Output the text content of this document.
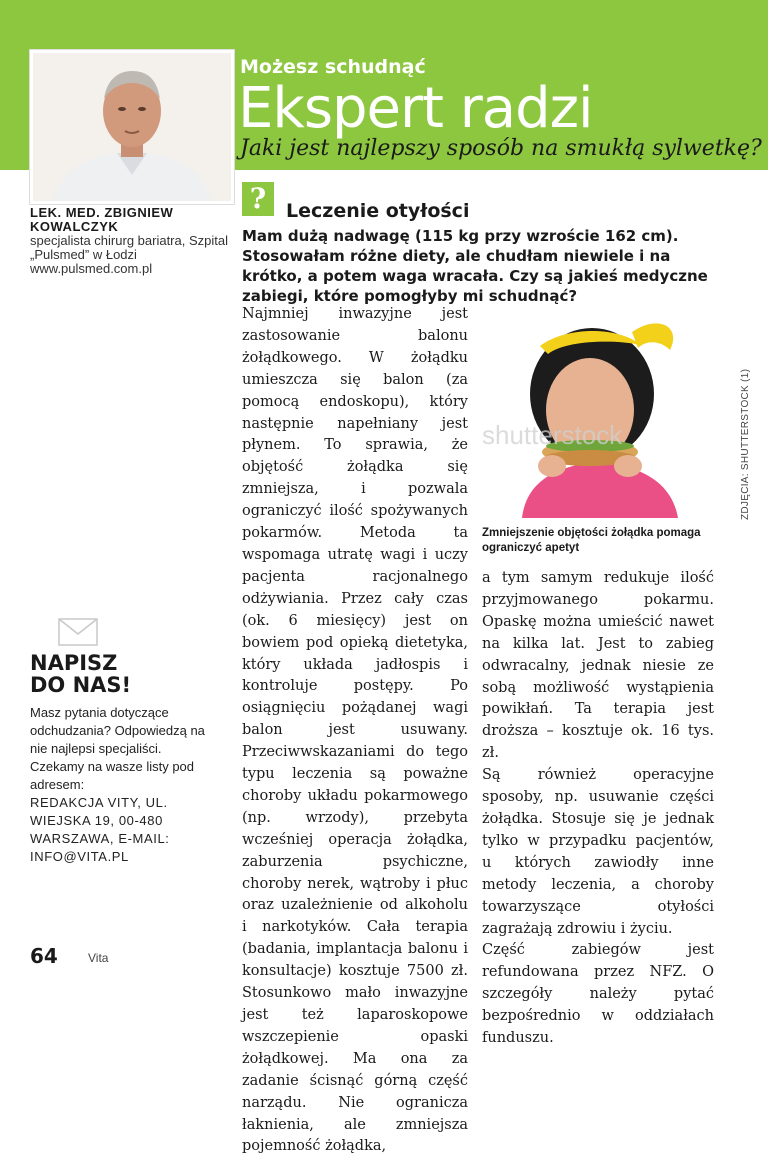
Możesz schudnąć
Ekspert radzi
Jaki jest najlepszy sposób na smukłą sylwetkę?
LEK. MED. ZBIGNIEW KOWALCZYK
specjalista chirurg bariatra, Szpital „Pulsmed” w Łodzi
www.pulsmed.com.pl
?	Leczenie otyłości
Mam dużą nadwagę (115 kg przy wzroście 162 cm). Stosowałam różne diety, ale chudłam niewiele i na krótko, a potem waga wracała. Czy są jakieś medyczne zabiegi, które pomogłyby mi schudnąć?
Najmniej inwazyjne jest zastosowanie balonu żołądkowego. W żołądku umieszcza się balon (za pomocą endoskopu), który następnie napełniany jest płynem. To sprawia, że objętość żołądka się zmniejsza, i pozwala ograniczyć ilość spożywanych pokarmów. Metoda ta wspomaga utratę wagi i uczy pacjenta racjonalnego odżywiania. Przez cały czas (ok. 6 miesięcy) jest on bowiem pod opieką dietetyka, który układa jadłospis i kontroluje postępy. Po osiągnięciu pożądanej wagi balon jest usuwany. Przeciwwskazaniami do tego typu leczenia są poważne choroby układu pokarmowego (np. wrzody), przebyta wcześniej operacja żołądka, zaburzenia psychiczne, choroby nerek, wątroby i płuc oraz uzależnienie od alkoholu i narkotyków. Cała terapia (badania, implantacja balonu i konsultacje) kosztuje 7500 zł. Stosunkowo mało inwazyjne jest też laparoskopowe wszczepienie opaski żołądkowej. Ma ona za zadanie ścisnąć górną część narządu. Nie ogranicza łaknienia, ale zmniejsza pojemność żołądka,
shutterstock	ZDJĘCIA: SHUTTERSTOCK (1)
Zmniejszenie objętości żołądka pomaga ograniczyć apetyt
a tym samym redukuje ilość przyjmowanego pokarmu. Opaskę można umieścić nawet na kilka lat. Jest to zabieg odwracalny, jednak niesie ze sobą możliwość wystąpienia powikłań. Ta terapia jest droższa – kosztuje ok. 16 tys. zł.
Są również operacyjne sposoby, np. usuwanie części żołądka. Stosuje się je jednak tylko w przypadku pacjentów, u których zawiodły inne metody leczenia, a choroby towarzyszące otyłości zagrażają zdrowiu i życiu.
Część zabiegów jest refundowana przez NFZ. O szczegóły należy pytać bezpośrednio w oddziałach funduszu.
NAPISZ DO NAS!
Masz pytania dotyczące odchudzania? Odpowiedzą na nie najlepsi specjaliści. Czekamy na wasze listy pod adresem:
REDAKCJA VITY, UL. WIEJSKA 19, 00-480 WARSZAWA, E-MAIL: INFO@VITA.PL
64	Vita
